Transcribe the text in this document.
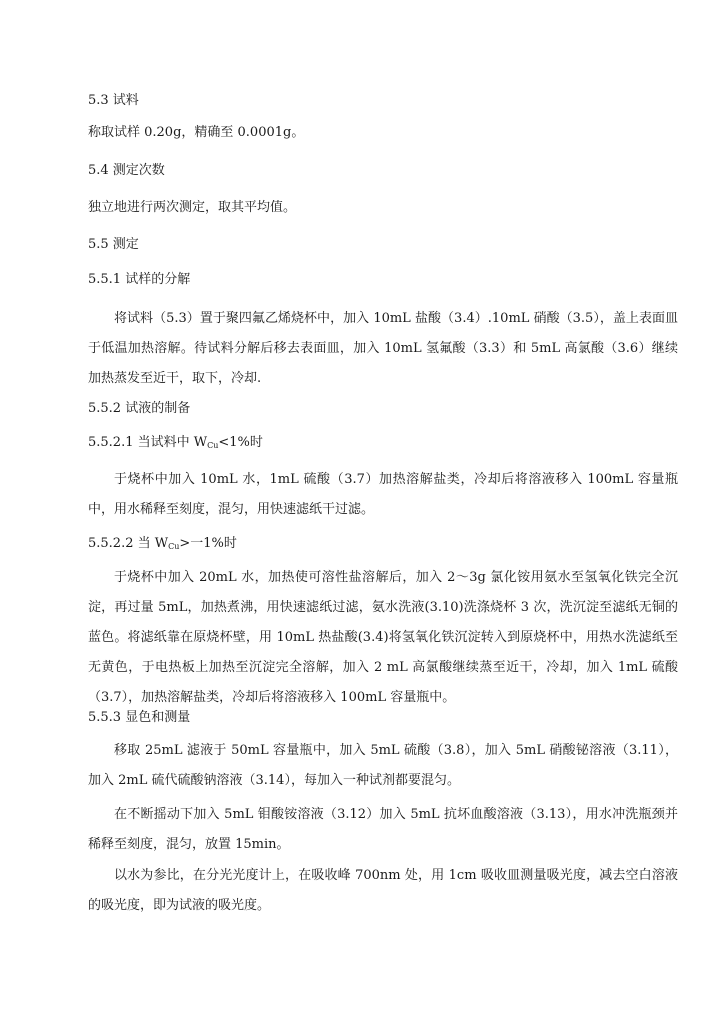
5.3 试料
称取试样 0.20g，精确至 0.0001g。
5.4 测定次数
独立地进行两次测定，取其平均值。
5.5 测定
5.5.1 试样的分解
将试料（5.3）置于聚四氟乙烯烧杯中，加入 10mL 盐酸（3.4）.10mL 硝酸（3.5），盖上表面皿于低温加热溶解。待试料分解后移去表面皿，加入 10mL 氢氟酸（3.3）和 5mL 高氯酸（3.6）继续加热蒸发至近干，取下，冷却.
5.5.2 试液的制备
5.5.2.1 当试料中 $W_{Cu}<1\%$时
于烧杯中加入 10mL 水，1mL 硫酸（3.7）加热溶解盐类，冷却后将溶液移入 100mL 容量瓶中，用水稀释至刻度，混匀，用快速滤纸干过滤。
5.5.2.2 当 $W_{Cu}>$一1%时
于烧杯中加入 20mL 水，加热使可溶性盐溶解后，加入 2～3g 氯化铵用氨水至氢氧化铁完全沉淀，再过量 5mL，加热煮沸，用快速滤纸过滤，氨水洗液(3.10)洗涤烧杯 3 次，洗沉淀至滤纸无铜的蓝色。将滤纸靠在原烧杯壁，用 10mL 热盐酸(3.4)将氢氧化铁沉淀转入到原烧杯中，用热水洗滤纸至无黄色，于电热板上加热至沉淀完全溶解，加入 2 mL 高氯酸继续蒸至近干，冷却，加入 1mL 硫酸（3.7），加热溶解盐类，冷却后将溶液移入 100mL 容量瓶中。
5.5.3 显色和测量
移取 25mL 滤液于 50mL 容量瓶中，加入 5mL 硫酸（3.8），加入 5mL 硝酸铋溶液（3.11），加入 2mL 硫代硫酸钠溶液（3.14），每加入一种试剂都要混匀。
在不断摇动下加入 5mL 钼酸铵溶液（3.12）加入 5mL 抗坏血酸溶液（3.13），用水冲洗瓶颈并稀释至刻度，混匀，放置 15min。
以水为参比，在分光光度计上，在吸收峰 700nm 处，用 1cm 吸收皿测量吸光度，减去空白溶液的吸光度，即为试液的吸光度。
